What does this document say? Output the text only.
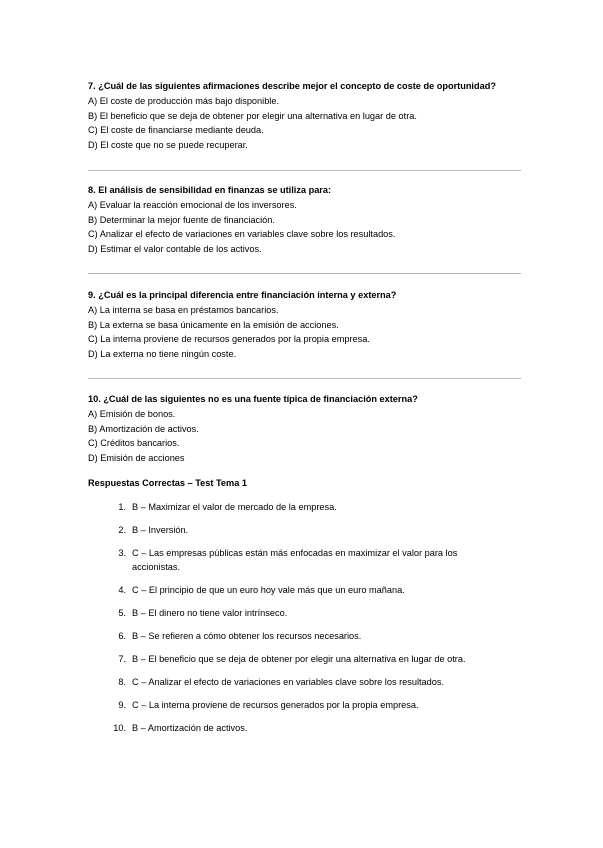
7. ¿Cuál de las siguientes afirmaciones describe mejor el concepto de coste de oportunidad?
A) El coste de producción más bajo disponible.
B) El beneficio que se deja de obtener por elegir una alternativa en lugar de otra.
C) El coste de financiarse mediante deuda.
D) El coste que no se puede recuperar.
8. El análisis de sensibilidad en finanzas se utiliza para:
A) Evaluar la reacción emocional de los inversores.
B) Determinar la mejor fuente de financiación.
C) Analizar el efecto de variaciones en variables clave sobre los resultados.
D) Estimar el valor contable de los activos.
9. ¿Cuál es la principal diferencia entre financiación interna y externa?
A) La interna se basa en préstamos bancarios.
B) La externa se basa únicamente en la emisión de acciones.
C) La interna proviene de recursos generados por la propia empresa.
D) La externa no tiene ningún coste.
10. ¿Cuál de las siguientes no es una fuente típica de financiación externa?
A) Emisión de bonos.
B) Amortización de activos.
C) Créditos bancarios.
D) Emisión de acciones
Respuestas Correctas – Test Tema 1
1. B – Maximizar el valor de mercado de la empresa.
2. B – Inversión.
3. C – Las empresas públicas están más enfocadas en maximizar el valor para los accionistas.
4. C – El principio de que un euro hoy vale más que un euro mañana.
5. B – El dinero no tiene valor intrínseco.
6. B – Se refieren a cómo obtener los recursos necesarios.
7. B – El beneficio que se deja de obtener por elegir una alternativa en lugar de otra.
8. C – Analizar el efecto de variaciones en variables clave sobre los resultados.
9. C – La interna proviene de recursos generados por la propia empresa.
10. B – Amortización de activos.
